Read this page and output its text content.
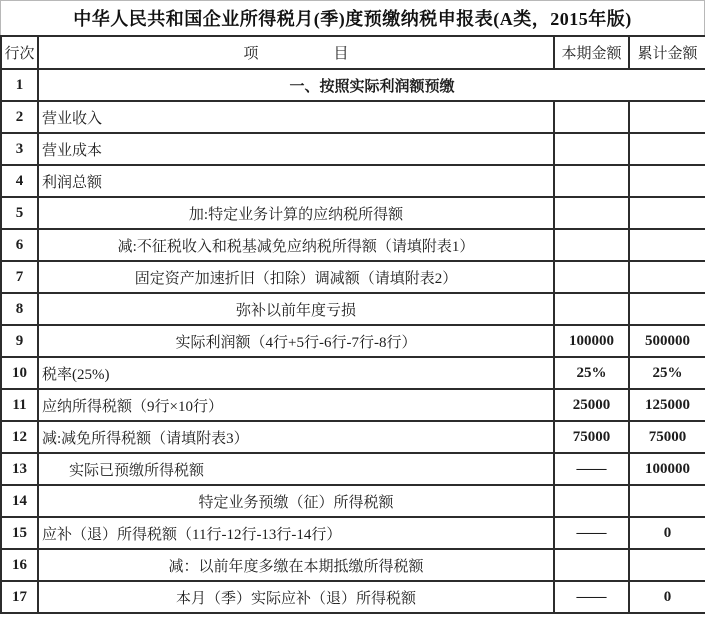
中华人民共和国企业所得税月(季)度预缴纳税申报表(A类，2015年版)
行次	项　　　　　目	本期金额	累计金额
1	一、按照实际利润额预缴		
2	营业收入		
3	营业成本		
4	利润总额		
5	加:特定业务计算的应纳税所得额		
6	减:不征税收入和税基减免应纳税所得额（请填附表1）		
7	固定资产加速折旧（扣除）调减额（请填附表2）		
8	弥补以前年度亏损		
9	实际利润额（4行+5行-6行-7行-8行）	100000	500000
10	税率(25%)	25%	25%
11	应纳所得税额（9行×10行）	25000	125000
12	减:减免所得税额（请填附表3）	75000	75000
13	实际已预缴所得税额	——	100000
14	特定业务预缴（征）所得税额		
15	应补（退）所得税额（11行-12行-13行-14行）	——	0
16	减：以前年度多缴在本期抵缴所得税额		
17	本月（季）实际应补（退）所得税额	——	0
